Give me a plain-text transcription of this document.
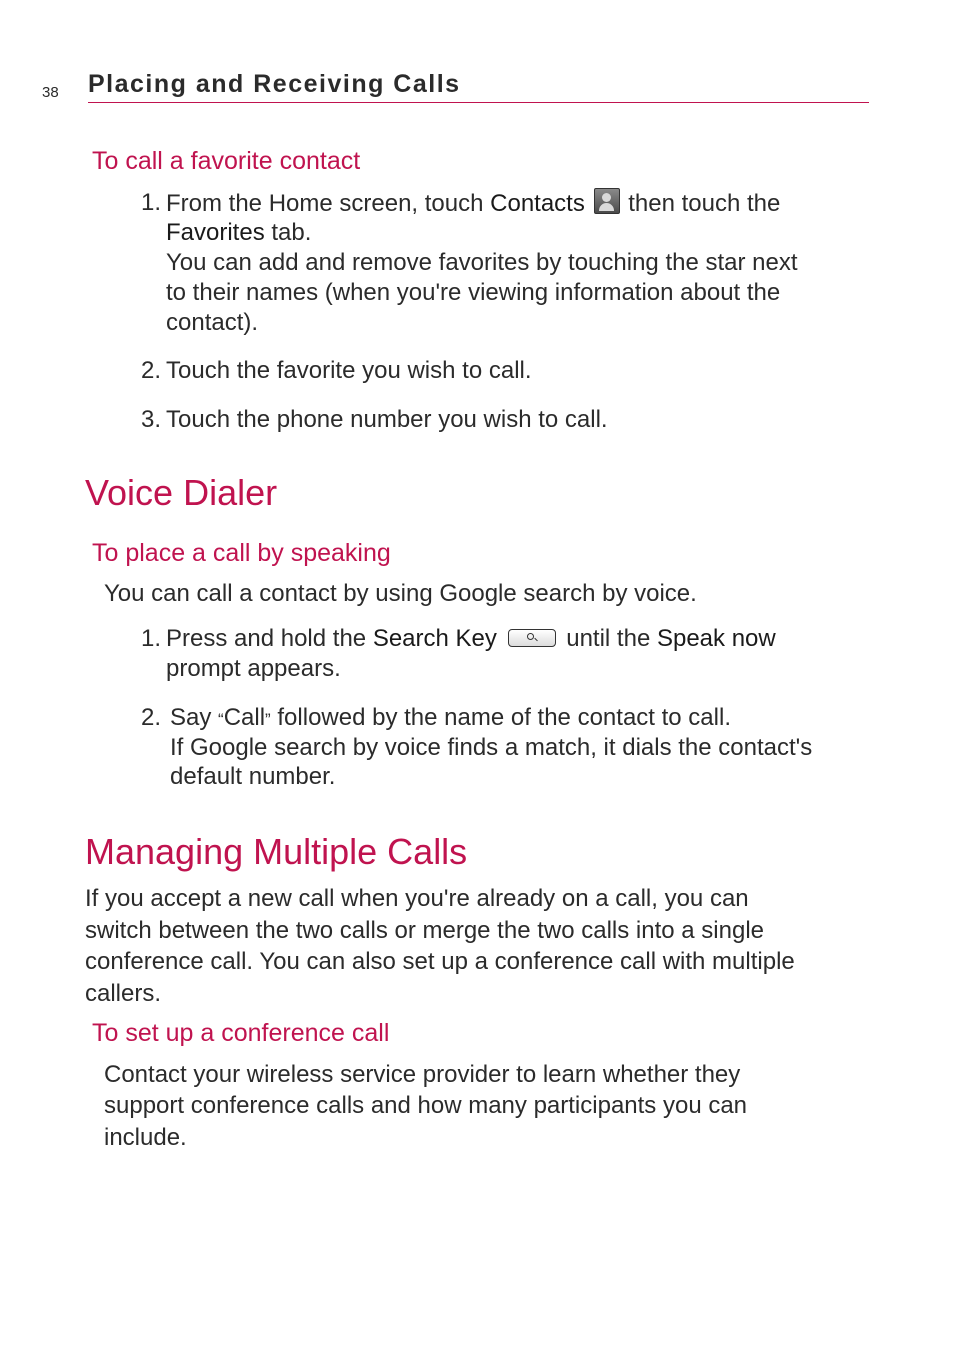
38 Placing and Receiving Calls
To call a favorite contact
1. From the Home screen, touch Contacts  then touch the
Favorites tab.
You can add and remove favorites by touching the star next
to their names (when you're viewing information about the
contact).
2. Touch the favorite you wish to call.
3. Touch the phone number you wish to call.
Voice Dialer
To place a call by speaking
You can call a contact by using Google search by voice.
1. Press and hold the Search Key	until the Speak now
prompt appears.
2. Say “Call” followed by the name of the contact to call.
If Google search by voice finds a match, it dials the contact's
default number.
Managing Multiple Calls
If you accept a new call when you're already on a call, you can
switch between the two calls or merge the two calls into a single
conference call. You can also set up a conference call with multiple
callers.
To set up a conference call
Contact your wireless service provider to learn whether they
support conference calls and how many participants you can
include.
